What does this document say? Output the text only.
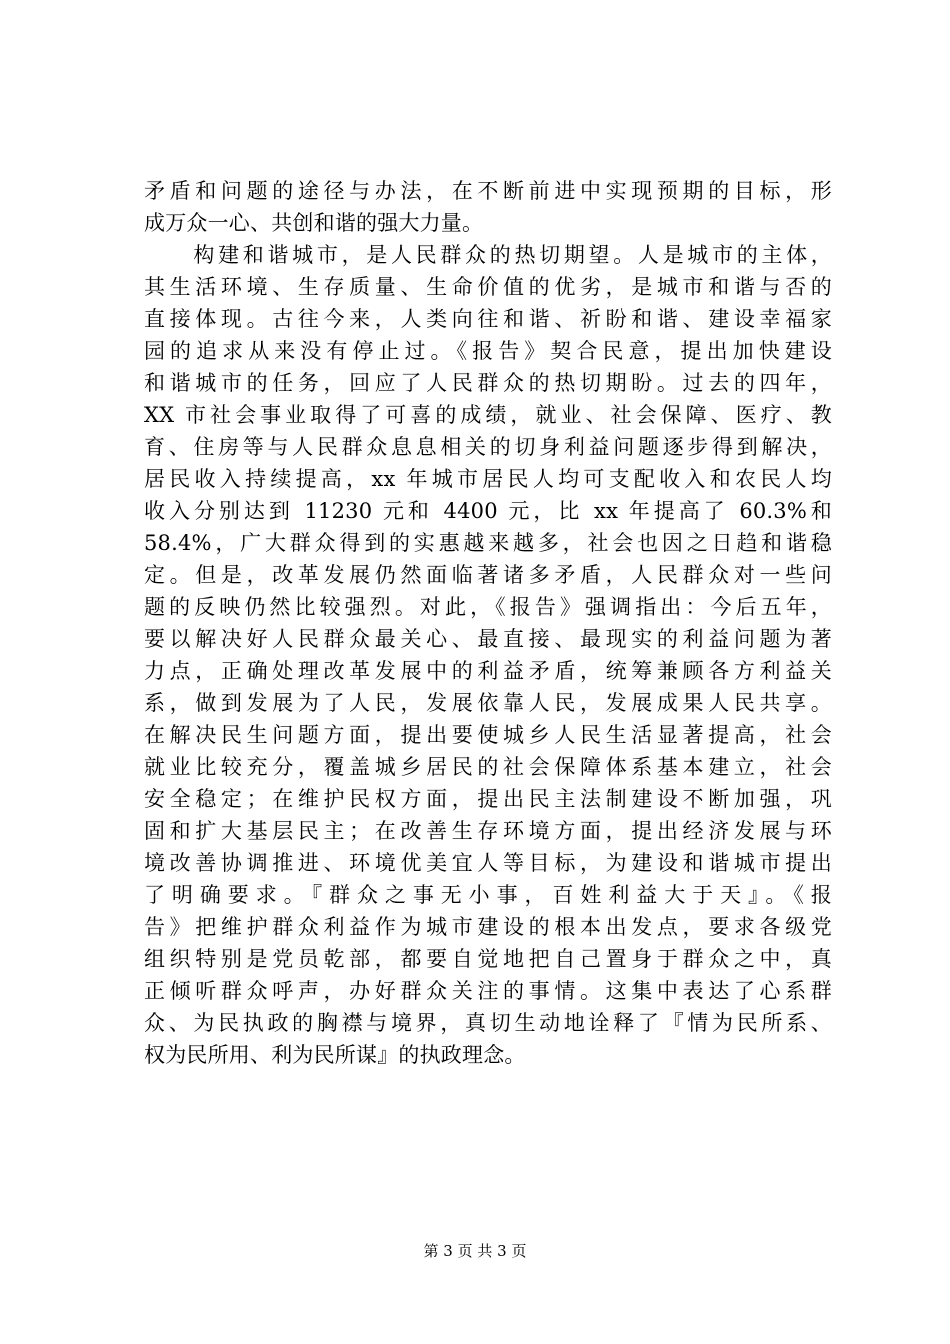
矛盾和问题的途径与办法，在不断前进中实现预期的目标，形
成万众一心、共创和谐的强大力量。
　　构建和谐城市，是人民群众的热切期望。人是城市的主体，
其生活环境、生存质量、生命价值的优劣，是城市和谐与否的
直接体现。古往今来，人类向往和谐、祈盼和谐、建设幸福家
园的追求从来没有停止过。《报告》契合民意，提出加快建设
和谐城市的任务，回应了人民群众的热切期盼。过去的四年，
XX 市社会事业取得了可喜的成绩，就业、社会保障、医疗、教
育、住房等与人民群众息息相关的切身利益问题逐步得到解决，
居民收入持续提高，xx 年城市居民人均可支配收入和农民人均
收入分别达到 11230 元和 4400 元，比 xx 年提高了 60.3%和
58.4%，广大群众得到的实惠越来越多，社会也因之日趋和谐稳
定。但是，改革发展仍然面临著诸多矛盾，人民群众对一些问
题的反映仍然比较强烈。对此，《报告》强调指出：今后五年，
要以解决好人民群众最关心、最直接、最现实的利益问题为著
力点，正确处理改革发展中的利益矛盾，统筹兼顾各方利益关
系，做到发展为了人民，发展依靠人民，发展成果人民共享。
在解决民生问题方面，提出要使城乡人民生活显著提高，社会
就业比较充分，覆盖城乡居民的社会保障体系基本建立，社会
安全稳定；在维护民权方面，提出民主法制建设不断加强，巩
固和扩大基层民主；在改善生存环境方面，提出经济发展与环
境改善协调推进、环境优美宜人等目标，为建设和谐城市提出
了明确要求。『群众之事无小事，百姓利益大于天』。《报
告》把维护群众利益作为城市建设的根本出发点，要求各级党
组织特别是党员乾部，都要自觉地把自己置身于群众之中，真
正倾听群众呼声，办好群众关注的事情。这集中表达了心系群
众、为民执政的胸襟与境界，真切生动地诠释了『情为民所系、
权为民所用、利为民所谋』的执政理念。
第 3 页 共 3 页
